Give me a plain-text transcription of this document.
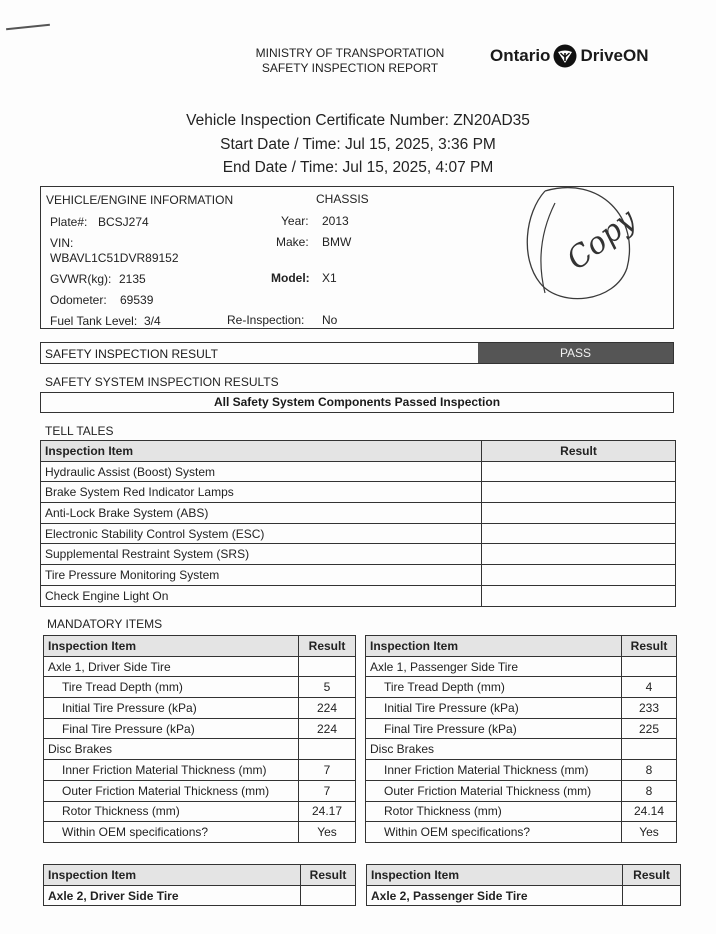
MINISTRY OF TRANSPORTATION
SAFETY INSPECTION REPORT
Ontario DriveON
Vehicle Inspection Certificate Number: ZN20AD35
Start Date / Time: Jul 15, 2025, 3:36 PM
End Date / Time: Jul 15, 2025, 4:07 PM
VEHICLE/ENGINE INFORMATION	CHASSIS
Plate#: BCSJ274
VIN:
WBAVL1C51DVR89152
GVWR(kg): 2135
Odometer: 69539
Fuel Tank Level: 3/4
Year: 2013
Make: BMW
Model: X1
Re-Inspection: No
Copy
SAFETY INSPECTION RESULT	PASS
SAFETY SYSTEM INSPECTION RESULTS
All Safety System Components Passed Inspection
TELL TALES
Inspection Item	Result
Hydraulic Assist (Boost) System	
Brake System Red Indicator Lamps	
Anti-Lock Brake System (ABS)	
Electronic Stability Control System (ESC)	
Supplemental Restraint System (SRS)	
Tire Pressure Monitoring System	
Check Engine Light On	
MANDATORY ITEMS
Inspection Item	Result
Axle 1, Driver Side Tire	
Tire Tread Depth (mm)	5
Initial Tire Pressure (kPa)	224
Final Tire Pressure (kPa)	224
Disc Brakes	
Inner Friction Material Thickness (mm)	7
Outer Friction Material Thickness (mm)	7
Rotor Thickness (mm)	24.17
Within OEM specifications?	Yes
Inspection Item	Result
Axle 1, Passenger Side Tire	
Tire Tread Depth (mm)	4
Initial Tire Pressure (kPa)	233
Final Tire Pressure (kPa)	225
Disc Brakes	
Inner Friction Material Thickness (mm)	8
Outer Friction Material Thickness (mm)	8
Rotor Thickness (mm)	24.14
Within OEM specifications?	Yes
Inspection Item	Result
Axle 2, Driver Side Tire	
Inspection Item	Result
Axle 2, Passenger Side Tire	
